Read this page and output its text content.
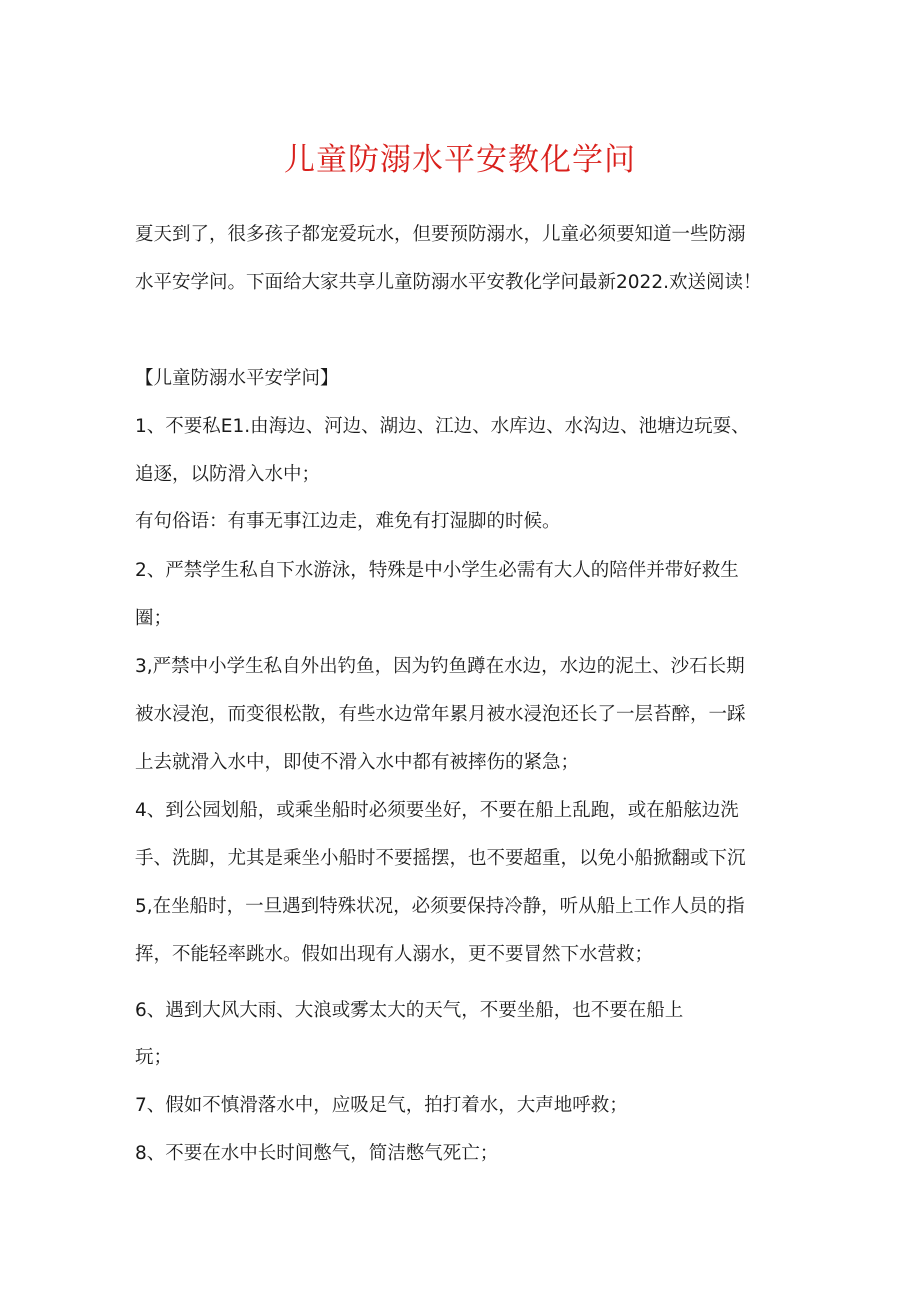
儿童防溺水平安教化学问
夏天到了，很多孩子都宠爱玩水，但要预防溺水，儿童必须要知道一些防溺
水平安学问。下面给大家共享儿童防溺水平安教化学问最新2022.欢送阅读！
【儿童防溺水平安学问】
1、不要私E1.由海边、河边、湖边、江边、水库边、水沟边、池塘边玩耍、
追逐，以防滑入水中；
有句俗语：有事无事江边走，难免有打湿脚的时候。
2、严禁学生私自下水游泳，特殊是中小学生必需有大人的陪伴并带好救生
圈；
3,严禁中小学生私自外出钓鱼，因为钓鱼蹲在水边，水边的泥土、沙石长期
被水浸泡，而变很松散，有些水边常年累月被水浸泡还长了一层苔醉，一踩
上去就滑入水中，即使不滑入水中都有被摔伤的紧急；
4、到公园划船，或乘坐船时必须要坐好，不要在船上乱跑，或在船舷边洗
手、洗脚，尤其是乘坐小船时不要摇摆，也不要超重，以免小船掀翻或下沉
5,在坐船时，一旦遇到特殊状况，必须要保持冷静，听从船上工作人员的指
挥，不能轻率跳水。假如出现有人溺水，更不要冒然下水营救；
6、遇到大风大雨、大浪或雾太大的天气，不要坐船，也不要在船上
玩；
7、假如不慎滑落水中，应吸足气，拍打着水，大声地呼救；
8、不要在水中长时间憋气，简洁憋气死亡；
